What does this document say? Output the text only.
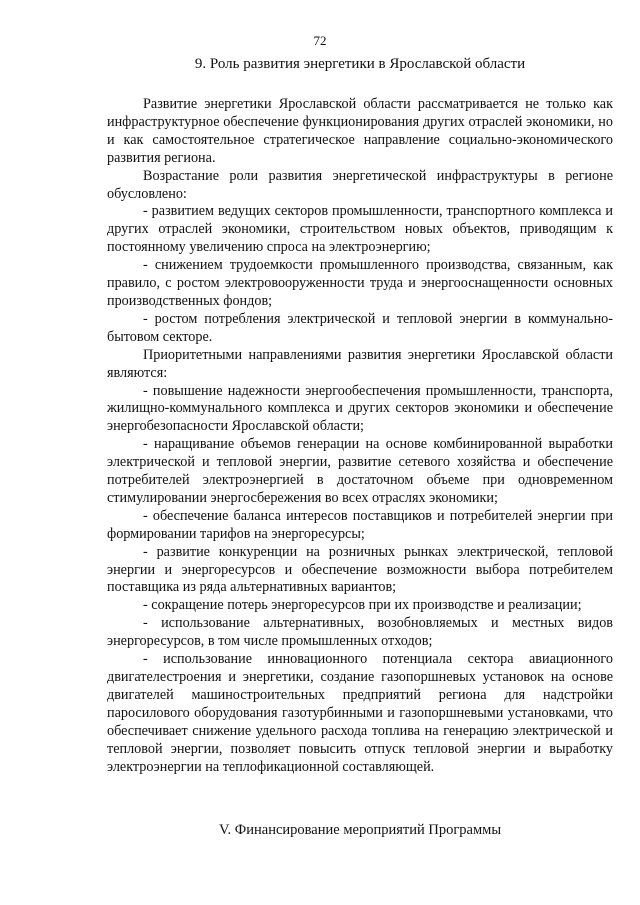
72
9. Роль развития энергетики в Ярославской области

Развитие энергетики Ярославской области рассматривается не только как инфраструктурное обеспечение функционирования других отраслей экономики, но и как самостоятельное стратегическое направление социально-экономического развития региона.

Возрастание роли развития энергетической инфраструктуры в регионе обусловлено:

- развитием ведущих секторов промышленности, транспортного комплекса и других отраслей экономики, строительством новых объектов, приводящим к постоянному увеличению спроса на электроэнергию;

- снижением трудоемкости промышленного производства, связанным, как правило, с ростом электровооруженности труда и энергооснащенности основных производственных фондов;

- ростом потребления электрической и тепловой энергии в коммунально-бытовом секторе.

Приоритетными направлениями развития энергетики Ярославской области являются:

- повышение надежности энергообеспечения промышленности, транспорта, жилищно-коммунального комплекса и других секторов экономики и обеспечение энергобезопасности Ярославской области;

- наращивание объемов генерации на основе комбинированной выработки электрической и тепловой энергии, развитие сетевого хозяйства и обеспечение потребителей электроэнергией в достаточном объеме при одновременном стимулировании энергосбережения во всех отраслях экономики;

- обеспечение баланса интересов поставщиков и потребителей энергии при формировании тарифов на энергоресурсы;

- развитие конкуренции на розничных рынках электрической, тепловой энергии и энергоресурсов и обеспечение возможности выбора потребителем поставщика из ряда альтернативных вариантов;

- сокращение потерь энергоресурсов при их производстве и реализации;

- использование альтернативных, возобновляемых и местных видов энергоресурсов, в том числе промышленных отходов;

- использование инновационного потенциала сектора авиационного двигателестроения и энергетики, создание газопоршневых установок на основе двигателей машиностроительных предприятий региона для надстройки паросилового оборудования газотурбинными и газопоршневыми установками, что обеспечивает снижение удельного расхода топлива на генерацию электрической и тепловой энергии, позволяет повысить отпуск тепловой энергии и выработку электроэнергии на теплофикационной составляющей.

V. Финансирование мероприятий Программы
